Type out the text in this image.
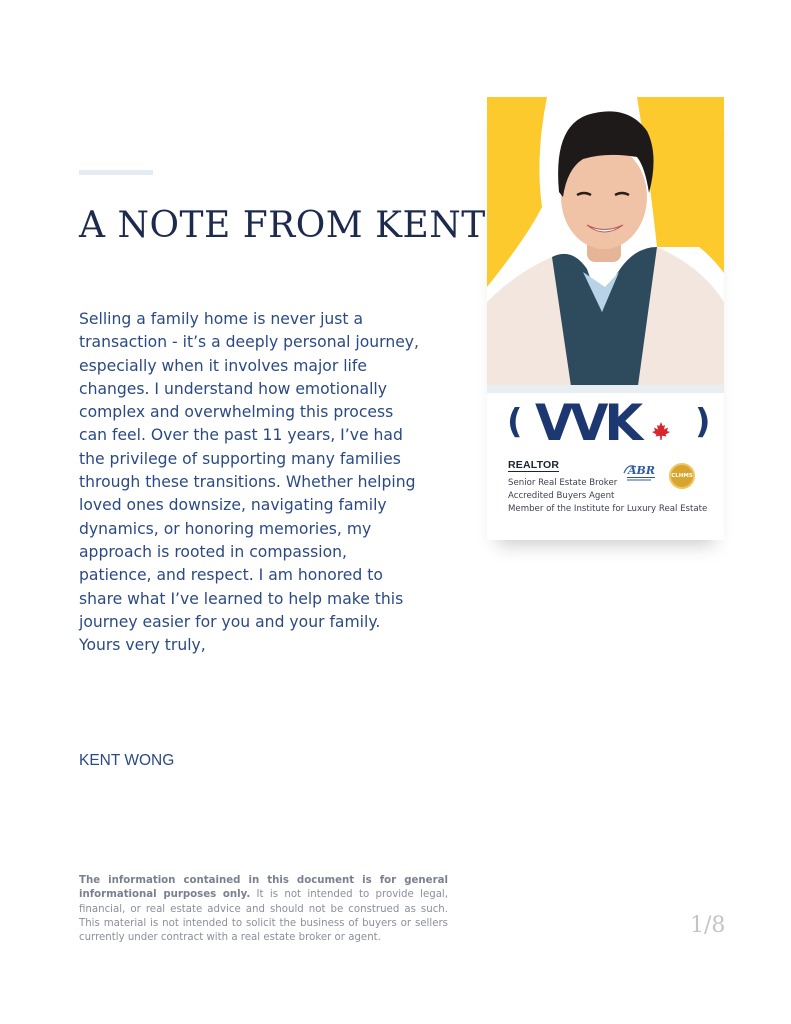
A NOTE FROM KENT

Selling a family home is never just a transaction - it’s a deeply personal journey, especially when it involves major life changes. I understand how emotionally complex and overwhelming this process can feel. Over the past 11 years, I’ve had the privilege of supporting many families through these transitions. Whether helping loved ones downsize, navigating family dynamics, or honoring memories, my approach is rooted in compassion, patience, and respect. I am honored to share what I’ve learned to help make this journey easier for you and your family. Yours very truly,

KENT WONG

The information contained in this document is for general informational purposes only. It is not intended to provide legal, financial, or real estate advice and should not be construed as such. This material is not intended to solicit the business of buyers or sellers currently under contract with a real estate broker or agent.	1/8
( VVK )
REALTOR	ABR	CLHMS
Senior Real Estate Broker
Accredited Buyers Agent
Member of the Institute for Luxury Real Estate
